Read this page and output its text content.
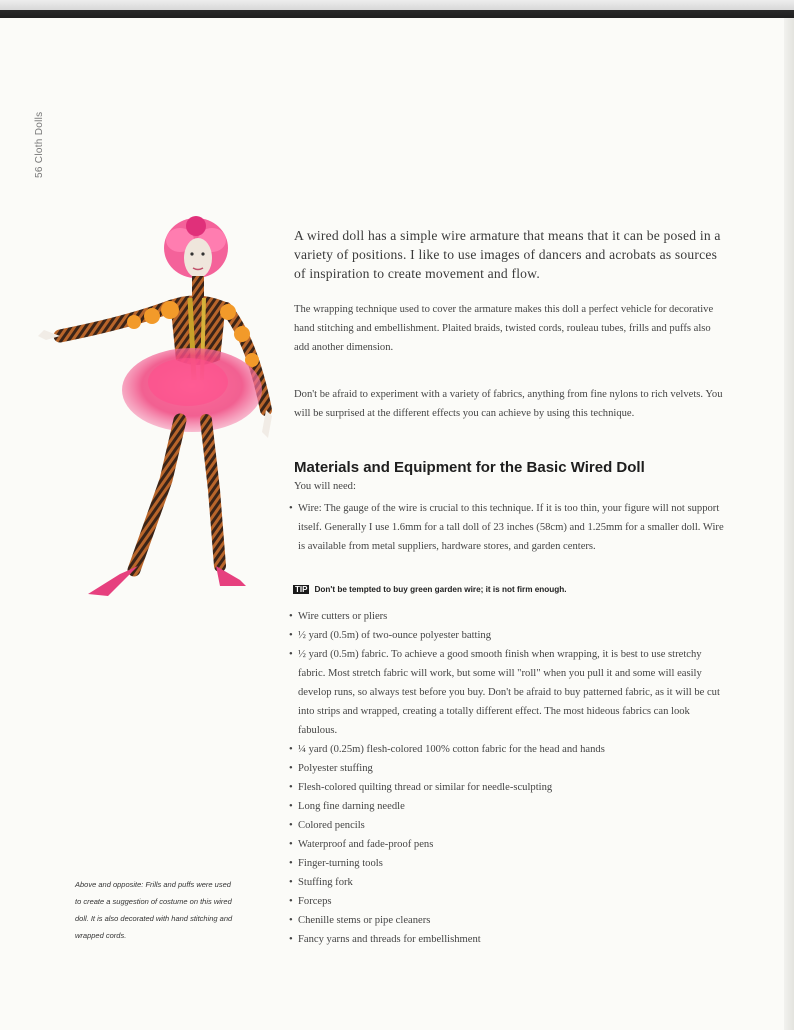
56 Cloth Dolls
Above and opposite: Frills and puffs were used to create a suggestion of costume on this wired doll. It is also decorated with hand stitching and wrapped cords.

A wired doll has a simple wire armature that means that it can be posed in a variety of positions. I like to use images of dancers and acrobats as sources of inspiration to create movement and flow.

The wrapping technique used to cover the armature makes this doll a perfect vehicle for decorative hand stitching and embellishment. Plaited braids, twisted cords, rouleau tubes, frills and puffs also add another dimension.

Don't be afraid to experiment with a variety of fabrics, anything from fine nylons to rich velvets. You will be surprised at the different effects you can achieve by using this technique.

Materials and Equipment for the Basic Wired Doll
You will need:
• Wire: The gauge of the wire is crucial to this technique. If it is too thin, your figure will not support itself. Generally I use 1.6mm for a tall doll of 23 inches (58cm) and 1.25mm for a smaller doll. Wire is available from metal suppliers, hardware stores, and garden centers.
TIP Don't be tempted to buy green garden wire; it is not firm enough.
• Wire cutters or pliers
• ½ yard (0.5m) of two-ounce polyester batting
• ½ yard (0.5m) fabric. To achieve a good smooth finish when wrapping, it is best to use stretchy fabric. Most stretch fabric will work, but some will "roll" when you pull it and some will easily develop runs, so always test before you buy. Don't be afraid to buy patterned fabric, as it will be cut into strips and wrapped, creating a totally different effect. The most hideous fabrics can look fabulous.
• ¼ yard (0.25m) flesh-colored 100% cotton fabric for the head and hands
• Polyester stuffing
• Flesh-colored quilting thread or similar for needle-sculpting
• Long fine darning needle
• Colored pencils
• Waterproof and fade-proof pens
• Finger-turning tools
• Stuffing fork
• Forceps
• Chenille stems or pipe cleaners
• Fancy yarns and threads for embellishment
